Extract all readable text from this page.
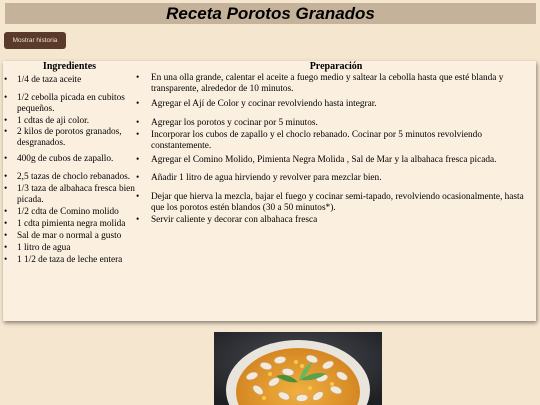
Receta Porotos Granados
Mostrar historia
Ingredientes
• 1/4 de taza aceite
• 1/2 cebolla picada en cubitos pequeños.
• 1 cdtas de aji color.
• 2 kilos de porotos granados, desgranados.
• 400g de cubos de zapallo.
• 2,5 tazas de choclo rebanados.
• 1/3 taza de albahaca fresca bien picada.
• 1/2 cdta de Comino molido
• 1 cdta pimienta negra molida
• Sal de mar o normal a gusto
• 1 litro de agua
• 1 1/2 de taza de leche entera
Preparación
• En una olla grande, calentar el aceite a fuego medio y saltear la cebolla hasta que esté blanda y transparente, alrededor de 10 minutos.
• Agregar el Ají de Color y cocinar revolviendo hasta integrar.
• Agregar los porotos y cocinar por 5 minutos.
• Incorporar los cubos de zapallo y el choclo rebanado. Cocinar por 5 minutos revolviendo constantemente.
• Agregar el Comino Molido, Pimienta Negra Molida , Sal de Mar y la albahaca fresca picada.
• Añadir 1 litro de agua hirviendo y revolver para mezclar bien.
• Dejar que hierva la mezcla, bajar el fuego y cocinar semi-tapado, revolviendo ocasionalmente, hasta que los porotos estén blandos (30 a 50 minutos*).
• Servir caliente y decorar con albahaca fresca
